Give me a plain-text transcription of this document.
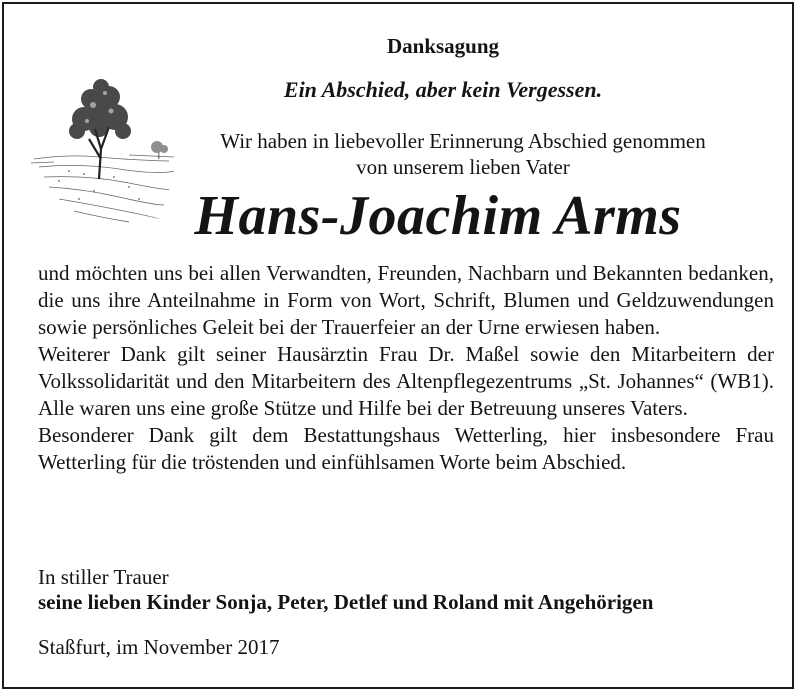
Danksagung
Ein Abschied, aber kein Vergessen.
Wir haben in liebevoller Erinnerung Abschied genommen
von unserem lieben Vater
Hans-Joachim Arms

und möchten uns bei allen Verwandten, Freunden, Nachbarn und Bekannten bedanken, die uns ihre Anteilnahme in Form von Wort, Schrift, Blumen und Geldzuwendungen sowie persönliches Geleit bei der Trauerfeier an der Urne erwiesen haben.

Weiterer Dank gilt seiner Hausärztin Frau Dr. Maßel sowie den Mitarbeitern der Volkssolidarität und den Mitarbeitern des Altenpflegezentrums „St. Johannes“ (WB1). Alle waren uns eine große Stütze und Hilfe bei der Betreuung unseres Vaters.

Besonderer Dank gilt dem Bestattungshaus Wetterling, hier insbesondere Frau Wetterling für die tröstenden und einfühlsamen Worte beim Abschied.

In stiller Trauer
seine lieben Kinder Sonja, Peter, Detlef und Roland mit Angehörigen
Staßfurt, im November 2017
